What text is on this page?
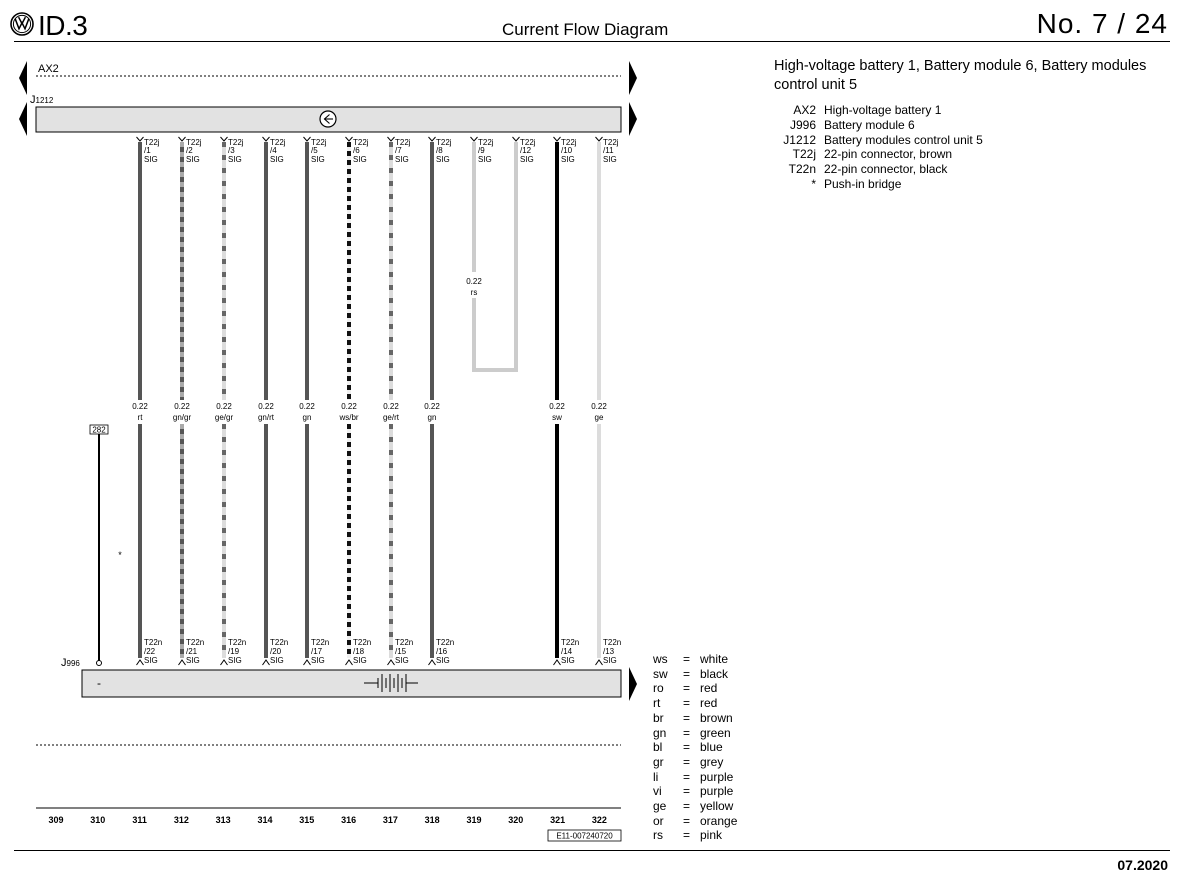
ID.3	Current Flow Diagram	No. 7 / 24
High-voltage battery 1, Battery module 6, Battery modules control unit 5
AX2	High-voltage battery 1
J996	Battery module 6
J1212	Battery modules control unit 5
T22j	22-pin connector, brown
T22n	22-pin connector, black
*	Push-in bridge
ws	=	white
sw	=	black
ro	=	red
rt	=	red
br	=	brown
gn	=	green
bl	=	blue
gr	=	grey
li	=	purple
vi	=	purple
ge	=	yellow
or	=	orange
rs	=	pink
AX2
J1212
T22j
/1
SIG
0.22
rt
T22n
/22
SIG
T22j
/2
SIG
0.22
gn/gr
T22n
/21
SIG
T22j
/3
SIG
0.22
ge/gr
T22n
/19
SIG
T22j
/4
SIG
0.22
gn/rt
T22n
/20
SIG
T22j
/5
SIG
0.22
gn
T22n
/17
SIG
T22j
/6
SIG
0.22
ws/br
T22n
/18
SIG
T22j
/7
SIG
0.22
ge/rt
T22n
/15
SIG
T22j
/8
SIG
0.22
gn
T22n
/16
SIG
T22j
/9
SIG
T22j
/12
SIG
T22j
/10
SIG
0.22
sw
T22n
/14
SIG
T22j
/11
SIG
0.22
ge
T22n
/13
SIG
0.22
rs
282
*
J996
-
309	310	311	312	313	314	315	316	317	318	319	320	321	322
E11-007240720
07.2020
